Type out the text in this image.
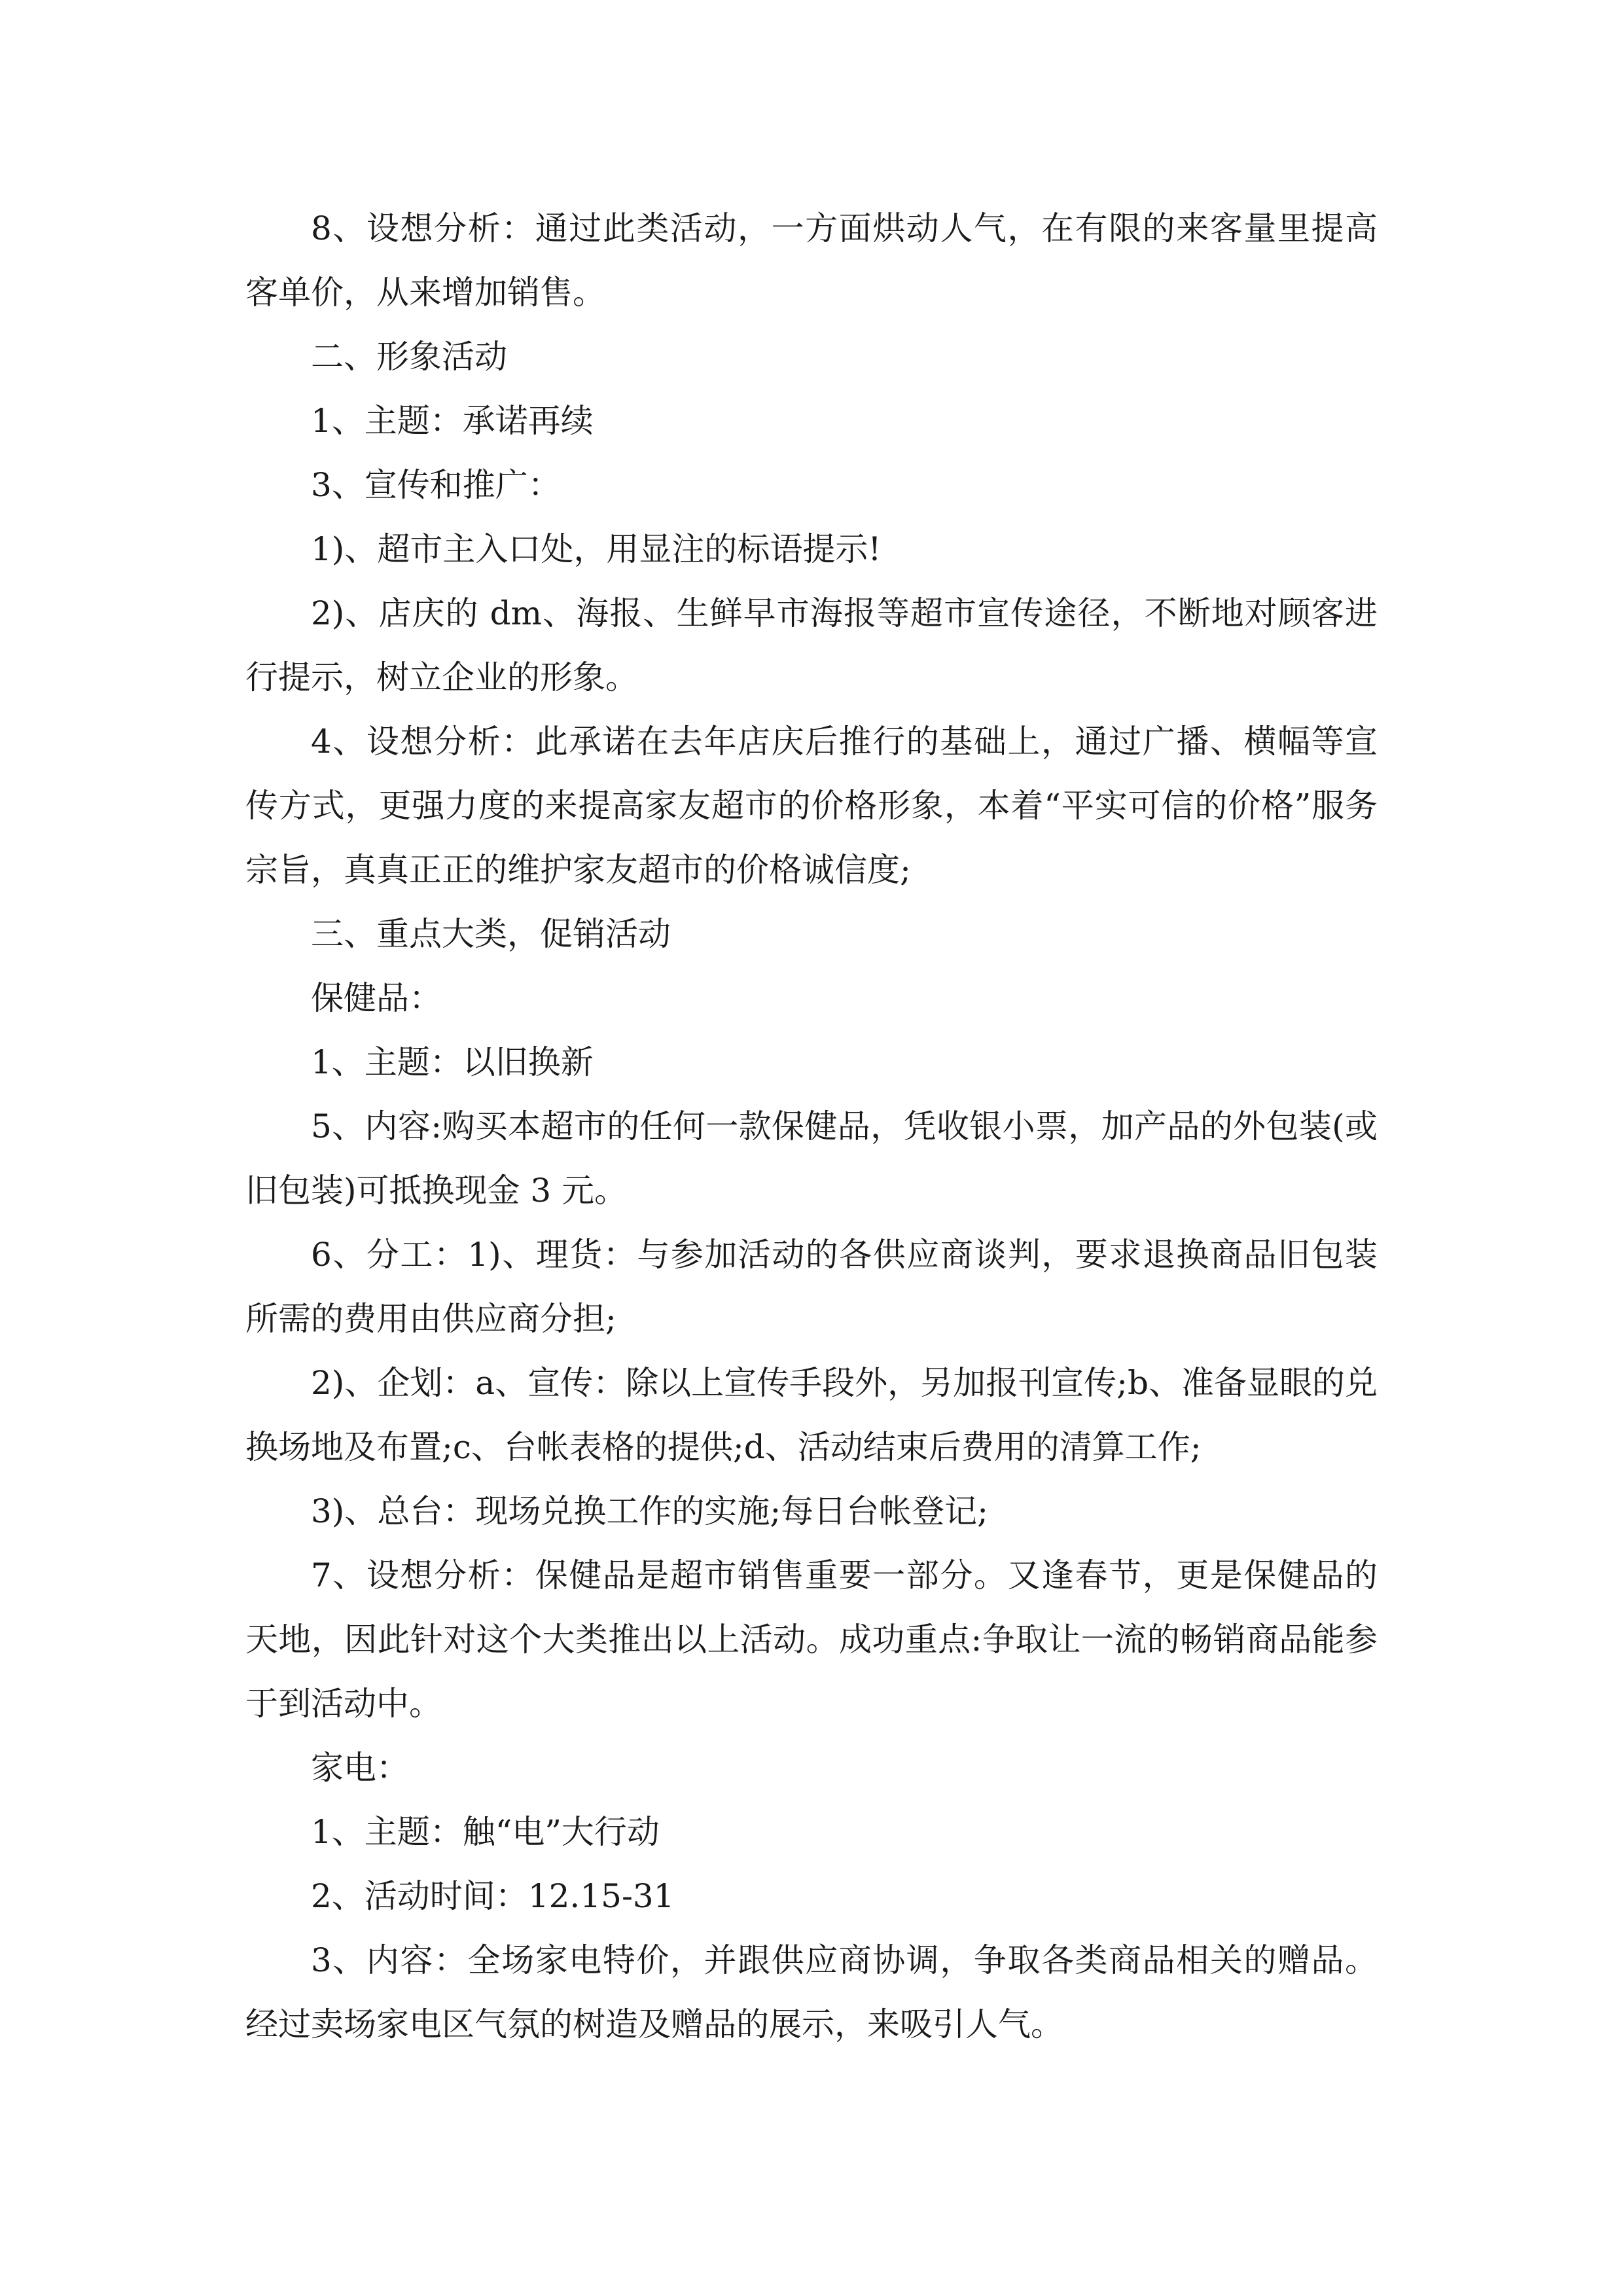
8、设想分析：通过此类活动，一方面烘动人气，在有限的来客量里提高客单价，从来增加销售。

二、形象活动

1、主题：承诺再续

3、宣传和推广：

1)、超市主入口处，用显注的标语提示!

2)、店庆的 dm、海报、生鲜早市海报等超市宣传途径，不断地对顾客进行提示，树立企业的形象。

4、设想分析：此承诺在去年店庆后推行的基础上，通过广播、横幅等宣传方式，更强力度的来提高家友超市的价格形象，本着“平实可信的价格”服务宗旨，真真正正的维护家友超市的价格诚信度;

三、重点大类，促销活动

保健品：

1、主题：以旧换新

5、内容:购买本超市的任何一款保健品，凭收银小票，加产品的外包装(或旧包装)可抵换现金 3 元。

6、分工：1)、理货：与参加活动的各供应商谈判，要求退换商品旧包装所需的费用由供应商分担;

2)、企划：a、宣传：除以上宣传手段外，另加报刊宣传;b、准备显眼的兑换场地及布置;c、台帐表格的提供;d、活动结束后费用的清算工作;

3)、总台：现场兑换工作的实施;每日台帐登记;

7、设想分析：保健品是超市销售重要一部分。又逢春节，更是保健品的天地，因此针对这个大类推出以上活动。成功重点:争取让一流的畅销商品能参于到活动中。

家电：

1、主题：触“电”大行动

2、活动时间：12.15-31

3、内容：全场家电特价，并跟供应商协调，争取各类商品相关的赠品。经过卖场家电区气氛的树造及赠品的展示，来吸引人气。
